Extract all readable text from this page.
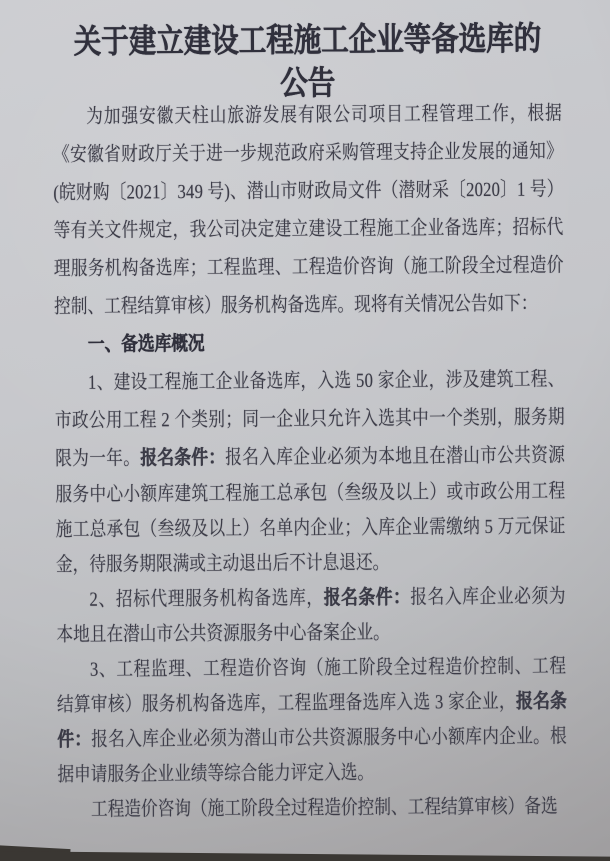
关于建立建设工程施工企业等备选库的
公告
为加强安徽天柱山旅游发展有限公司项目工程管理工作，根据
《安徽省财政厅关于进一步规范政府采购管理支持企业发展的通知》
(皖财购〔2021〕349 号)、潜山市财政局文件（潜财采〔2020〕1 号）
等有关文件规定，我公司决定建立建设工程施工企业备选库；招标代
理服务机构备选库；工程监理、工程造价咨询（施工阶段全过程造价
控制、工程结算审核）服务机构备选库。现将有关情况公告如下：
一、备选库概况
1、建设工程施工企业备选库，入选 50 家企业，涉及建筑工程、
市政公用工程 2 个类别；同一企业只允许入选其中一个类别，服务期
限为一年。报名条件：报名入库企业必须为本地且在潜山市公共资源
服务中心小额库建筑工程施工总承包（叁级及以上）或市政公用工程
施工总承包（叁级及以上）名单内企业；入库企业需缴纳 5 万元保证
金，待服务期限满或主动退出后不计息退还。
2、招标代理服务机构备选库，报名条件：报名入库企业必须为
本地且在潜山市公共资源服务中心备案企业。
3、工程监理、工程造价咨询（施工阶段全过程造价控制、工程
结算审核）服务机构备选库，工程监理备选库入选 3 家企业，报名条
件：报名入库企业必须为潜山市公共资源服务中心小额库内企业。根
据申请服务企业业绩等综合能力评定入选。
工程造价咨询（施工阶段全过程造价控制、工程结算审核）备选
